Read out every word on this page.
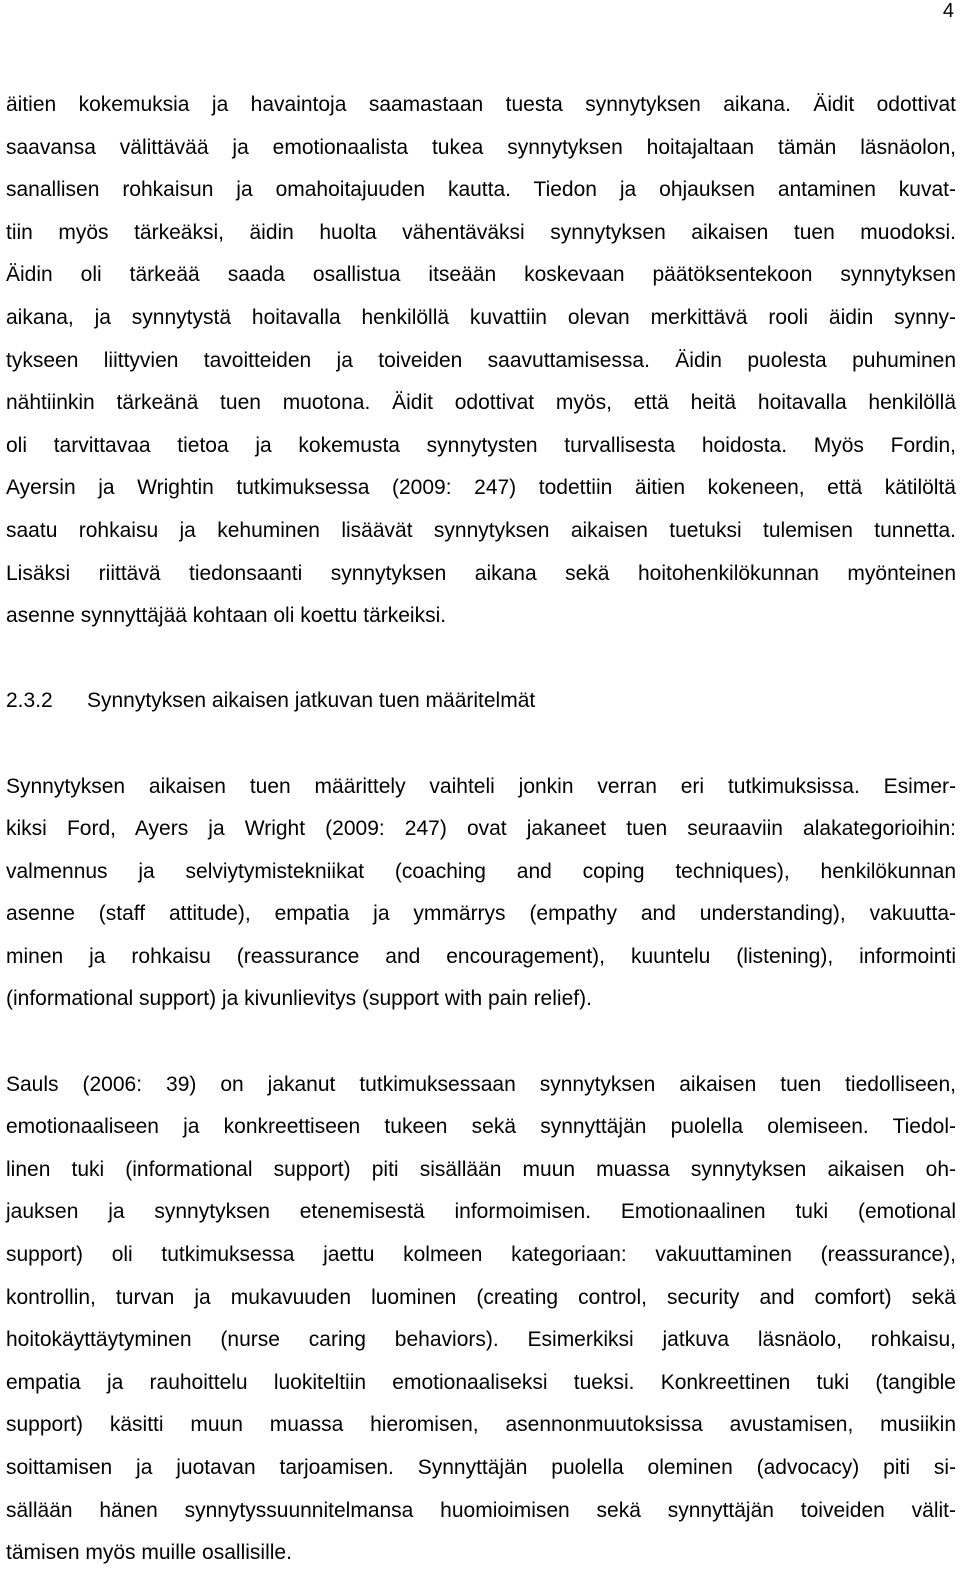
4

äitien kokemuksia ja havaintoja saamastaan tuesta synnytyksen aikana. Äidit odottivat
saavansa välittävää ja emotionaalista tukea synnytyksen hoitajaltaan tämän läsnäolon,
sanallisen rohkaisun ja omahoitajuuden kautta. Tiedon ja ohjauksen antaminen kuvat-
tiin myös tärkeäksi, äidin huolta vähentäväksi synnytyksen aikaisen tuen muodoksi.
Äidin oli tärkeää saada osallistua itseään koskevaan päätöksentekoon synnytyksen
aikana, ja synnytystä hoitavalla henkilöllä kuvattiin olevan merkittävä rooli äidin synny-
tykseen liittyvien tavoitteiden ja toiveiden saavuttamisessa. Äidin puolesta puhuminen
nähtiinkin tärkeänä tuen muotona. Äidit odottivat myös, että heitä hoitavalla henkilöllä
oli tarvittavaa tietoa ja kokemusta synnytysten turvallisesta hoidosta. Myös Fordin,
Ayersin ja Wrightin tutkimuksessa (2009: 247) todettiin äitien kokeneen, että kätilöltä
saatu rohkaisu ja kehuminen lisäävät synnytyksen aikaisen tuetuksi tulemisen tunnetta.
Lisäksi riittävä tiedonsaanti synnytyksen aikana sekä hoitohenkilökunnan myönteinen
asenne synnyttäjää kohtaan oli koettu tärkeiksi.

2.3.2	Synnytyksen aikaisen jatkuvan tuen määritelmät

Synnytyksen aikaisen tuen määrittely vaihteli jonkin verran eri tutkimuksissa. Esimer-
kiksi Ford, Ayers ja Wright (2009: 247) ovat jakaneet tuen seuraaviin alakategorioihin:
valmennus ja selviytymistekniikat (coaching and coping techniques), henkilökunnan
asenne (staff attitude), empatia ja ymmärrys (empathy and understanding), vakuutta-
minen ja rohkaisu (reassurance and encouragement), kuuntelu (listening), informointi
(informational support) ja kivunlievitys (support with pain relief).

Sauls (2006: 39) on jakanut tutkimuksessaan synnytyksen aikaisen tuen tiedolliseen,
emotionaaliseen ja konkreettiseen tukeen sekä synnyttäjän puolella olemiseen. Tiedol-
linen tuki (informational support) piti sisällään muun muassa synnytyksen aikaisen oh-
jauksen ja synnytyksen etenemisestä informoimisen. Emotionaalinen tuki (emotional
support) oli tutkimuksessa jaettu kolmeen kategoriaan: vakuuttaminen (reassurance),
kontrollin, turvan ja mukavuuden luominen (creating control, security and comfort) sekä
hoitokäyttäytyminen (nurse caring behaviors). Esimerkiksi jatkuva läsnäolo, rohkaisu,
empatia ja rauhoittelu luokiteltiin emotionaaliseksi tueksi. Konkreettinen tuki (tangible
support) käsitti muun muassa hieromisen, asennonmuutoksissa avustamisen, musiikin
soittamisen ja juotavan tarjoamisen. Synnyttäjän puolella oleminen (advocacy) piti si-
sällään hänen synnytyssuunnitelmansa huomioimisen sekä synnyttäjän toiveiden välit-
tämisen myös muille osallisille.
